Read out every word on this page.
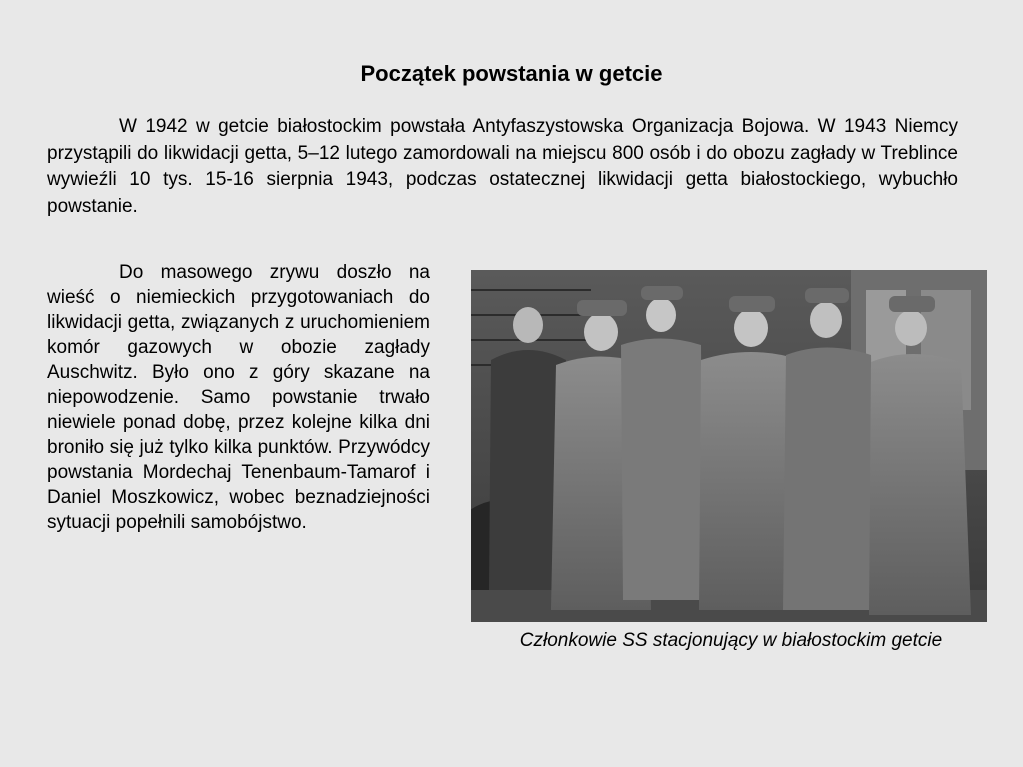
Początek powstania w getcie

W 1942 w getcie białostockim powstała Antyfaszystowska Organizacja Bojowa. W 1943 Niemcy przystąpili do likwidacji getta, 5–12 lutego zamordowali na miejscu 800 osób i do obozu zagłady w Treblince wywieźli 10 tys. 15-16 sierpnia 1943, podczas ostatecznej likwidacji getta białostockiego, wybuchło powstanie.

Do masowego zrywu doszło na wieść o niemieckich przygotowaniach do likwidacji getta, związanych z uruchomieniem komór gazowych w obozie zagłady Auschwitz. Było ono z góry skazane na niepowodzenie. Samo powstanie trwało niewiele ponad dobę, przez kolejne kilka dni broniło się już tylko kilka punktów. Przywódcy powstania Mordechaj Tenenbaum-Tamarof i Daniel Moszkowicz, wobec beznadziejności sytuacji popełnili samobójstwo.

Członkowie SS stacjonujący w białostockim getcie
